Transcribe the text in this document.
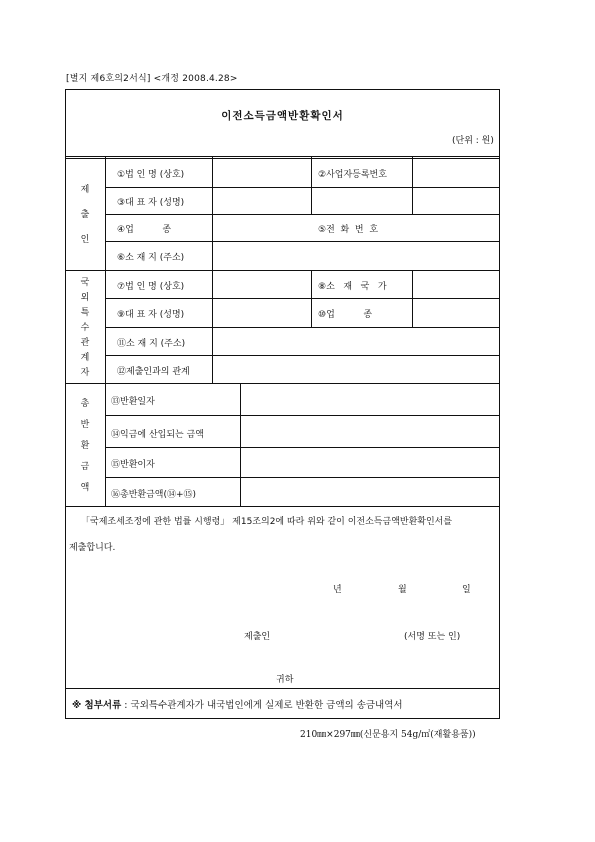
[별지 제6호의2서식] <개정 2008.4.28>
이전소득금액반환확인서
(단위 : 원)
제
출
인
①법 인 명 (상호)	②사업자등록번호
③대 표 자 (성명)
④업          종	⑤전  화  번  호
⑥소 재 지 (주소)
국
외
특
수
관
계
자
⑦법 인 명 (상호)	⑧소   재   국   가
⑨대 표 자 (성명)	⑩업          종
⑪소 재 지 (주소)
⑫제출인과의 관계
총
반
환
금
액
⑬반환일자
⑭익금에 산입되는 금액
⑮반환이자
⑯총반환금액(⑭+⑮)
「국제조세조정에 관한 법률 시행령」 제15조의2에 따라 위와 같이 이전소득금액반환확인서를
제출합니다.
년	월	일
제출인	(서명 또는 인)
귀하
※ 첨부서류 : 국외특수관계자가 내국법인에게 실제로 반환한 금액의 송금내역서
210㎜×297㎜(신문용지 54g/㎡(재활용품))
